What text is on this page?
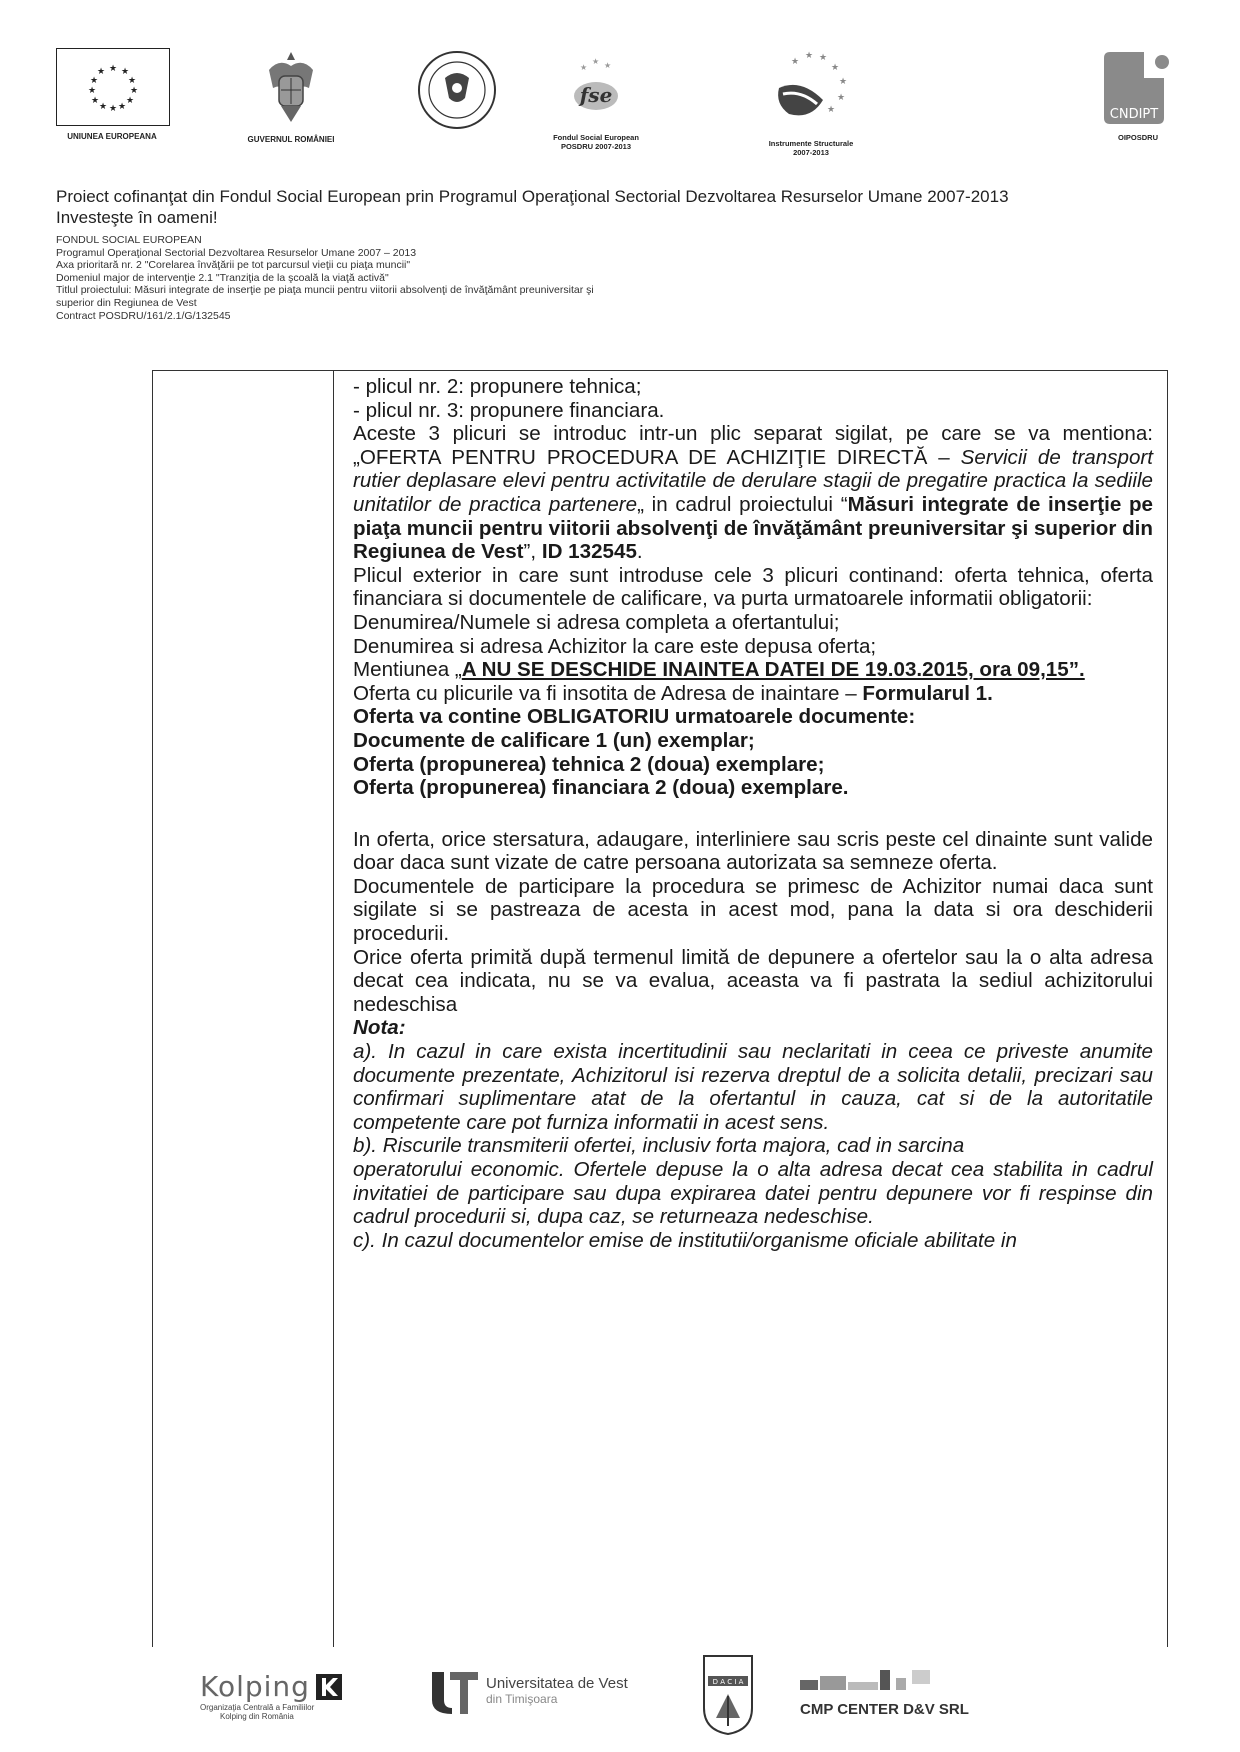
★ ★
★
★
★
★
★
★
★
★
★
★
UNIUNEA EUROPEANA	GUVERNUL ROMÂNIEI
fse
★
★ ★
Fondul Social European
POSDRU 2007-2013
★
★ ★
★
★
★
★
Instrumente Structurale
2007-2013
CNDIPT
OIPOSDRU
Proiect cofinanţat din Fondul Social European prin Programul Operaţional Sectorial Dezvoltarea Resurselor Umane 2007-2013
Investeşte în oameni!
FONDUL SOCIAL EUROPEAN
Programul Operaţional Sectorial Dezvoltarea Resurselor Umane 2007 – 2013
Axa prioritară nr. 2 "Corelarea învăţării pe tot parcursul vieţii cu piaţa muncii"
Domeniul major de intervenţie 2.1 "Tranziţia de la şcoală la viaţă activă"
Titlul proiectului: Măsuri integrate de inserţie pe piaţa muncii pentru viitorii absolvenţi de învăţământ preuniversitar şi
superior din Regiunea de Vest
Contract POSDRU/161/2.1/G/132545

- plicul nr. 2: propunere tehnica;

- plicul nr. 3: propunere financiara.

Aceste 3 plicuri se introduc intr-un plic separat sigilat, pe care se va mentiona: „OFERTA PENTRU PROCEDURA DE ACHIZIŢIE DIRECTĂ – Servicii de transport rutier deplasare elevi pentru activitatile de derulare stagii de pregatire practica la sediile unitatilor de practica partenere„ in cadrul proiectului “Măsuri integrate de inserţie pe piaţa muncii pentru viitorii absolvenţi de învăţământ preuniversitar şi superior din Regiunea de Vest”, ID 132545.

Plicul exterior in care sunt introduse cele 3 plicuri continand: oferta tehnica, oferta financiara si documentele de calificare, va purta urmatoarele informatii obligatorii:

Denumirea/Numele si adresa completa a ofertantului;

Denumirea si adresa Achizitor la care este depusa oferta;

Mentiunea „A NU SE DESCHIDE INAINTEA DATEI DE 19.03.2015, ora 09,15”.

Oferta cu plicurile va fi insotita de Adresa de inaintare – Formularul 1.

Oferta va contine OBLIGATORIU urmatoarele documente:

Documente de calificare 1 (un) exemplar;

Oferta (propunerea) tehnica 2 (doua) exemplare;

Oferta (propunerea) financiara 2 (doua) exemplare.

In oferta, orice stersatura, adaugare, interliniere sau scris peste cel dinainte sunt valide doar daca sunt vizate de catre persoana autorizata sa semneze oferta.

Documentele de participare la procedura se primesc de Achizitor numai daca sunt sigilate si se pastreaza de acesta in acest mod, pana la data si ora deschiderii procedurii.

Orice oferta primită după termenul limită de depunere a ofertelor sau la o alta adresa decat cea indicata, nu se va evalua, aceasta va fi pastrata la sediul achizitorului nedeschisa

Nota:

a). In cazul in care exista incertitudinii sau neclaritati in ceea ce priveste anumite documente prezentate, Achizitorul isi rezerva dreptul de a solicita detalii, precizari sau confirmari suplimentare atat de la ofertantul in cauza, cat si de la autoritatile competente care pot furniza informatii in acest sens.

b). Riscurile transmiterii ofertei, inclusiv forta majora, cad in sarcina

operatorului economic. Ofertele depuse la o alta adresa decat cea stabilita in cadrul invitatiei de participare sau dupa expirarea datei pentru depunere vor fi respinse din cadrul procedurii si, dupa caz, se returneaza nedeschise.

c). In cazul documentelor emise de institutii/organisme oficiale abilitate in

Kolping
Organizaţia Centrală a Familiilor
Kolping din România
Universitatea de Vest
din Timişoara
D A C I A
CMP CENTER D&V SRL
